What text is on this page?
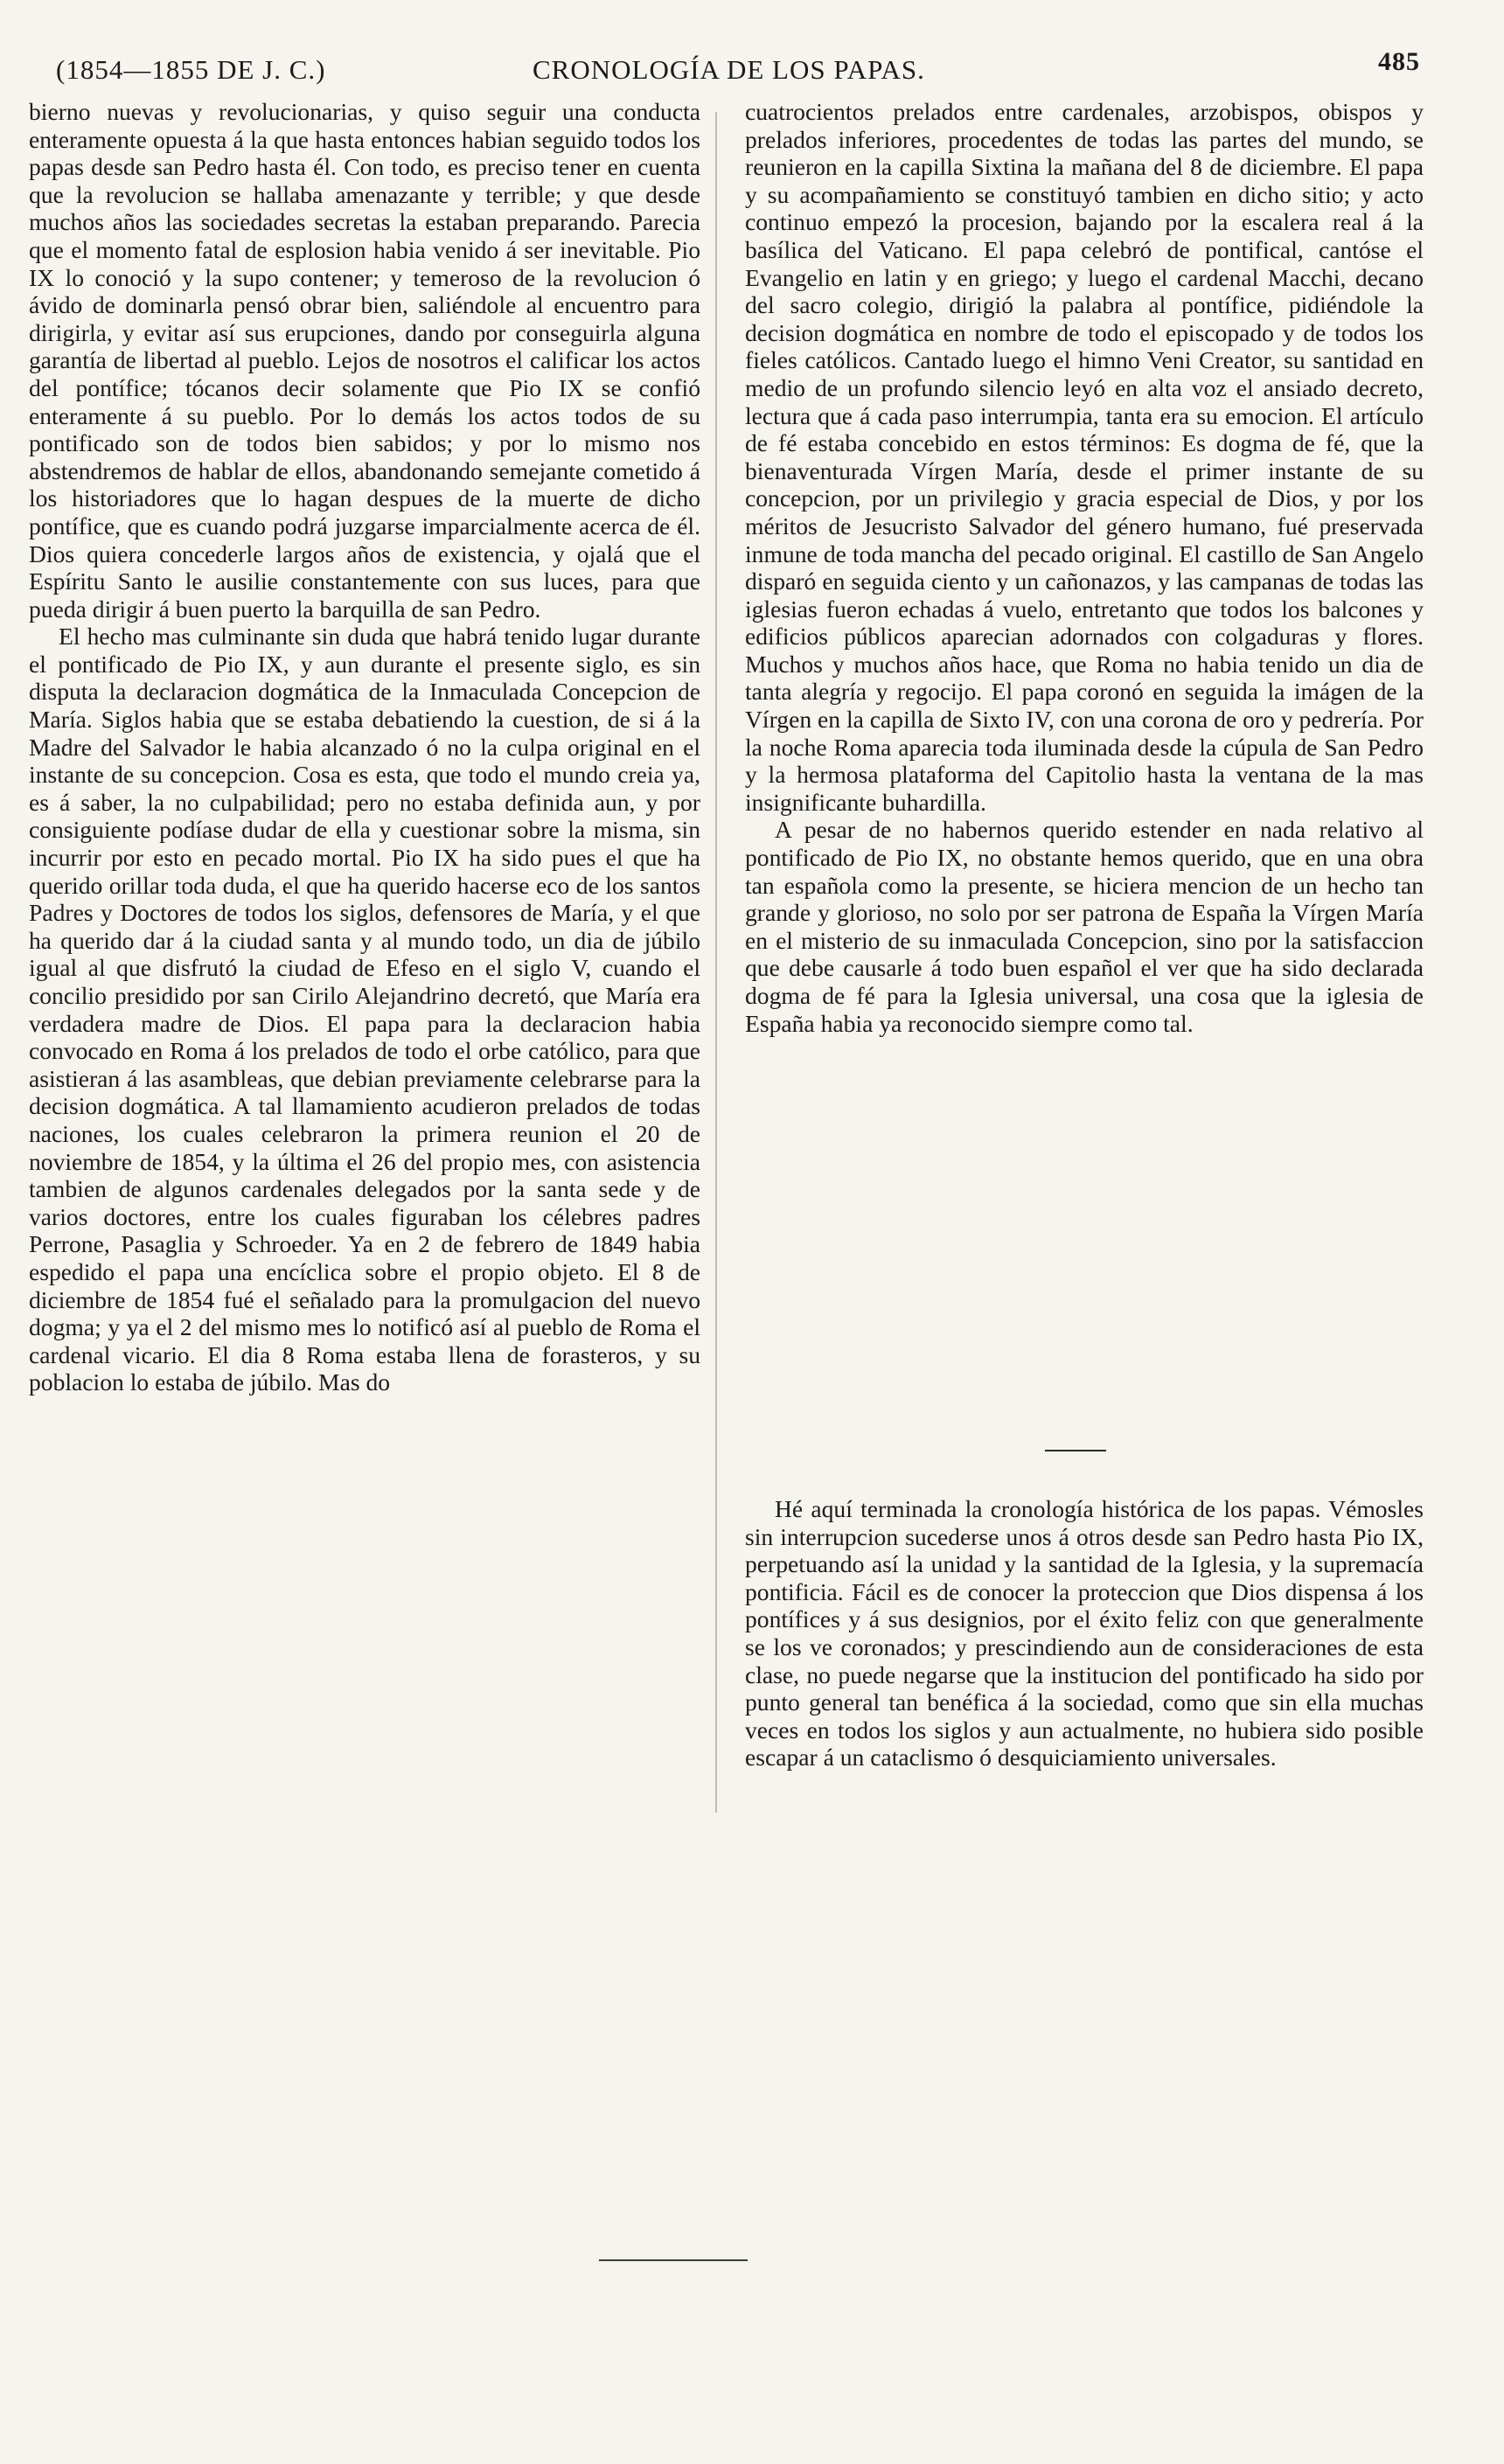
(1854—1855 DE J. C.)	CRONOLOGÍA DE LOS PAPAS.	485

bierno nuevas y revolucionarias, y quiso seguir una conducta enteramente opuesta á la que hasta entonces habian seguido todos los papas desde san Pedro hasta él. Con todo, es preciso tener en cuenta que la revolucion se hallaba amenazante y terrible; y que desde muchos años las sociedades secretas la estaban preparando. Parecia que el momento fatal de esplosion habia venido á ser inevitable. Pio IX lo conoció y la supo contener; y temeroso de la revolucion ó ávido de dominarla pensó obrar bien, saliéndole al encuentro para dirigirla, y evitar así sus erupciones, dando por conseguirla alguna garantía de libertad al pueblo. Lejos de nosotros el calificar los actos del pontífice; tócanos decir solamente que Pio IX se confió enteramente á su pueblo. Por lo demás los actos todos de su pontificado son de todos bien sabidos; y por lo mismo nos abstendremos de hablar de ellos, abandonando semejante cometido á los historiadores que lo hagan despues de la muerte de dicho pontífice, que es cuando podrá juzgarse imparcialmente acerca de él. Dios quiera concederle largos años de existencia, y ojalá que el Espíritu Santo le ausilie constantemente con sus luces, para que pueda dirigir á buen puerto la barquilla de san Pedro.

El hecho mas culminante sin duda que habrá tenido lugar durante el pontificado de Pio IX, y aun durante el presente siglo, es sin disputa la declaracion dogmática de la Inmaculada Concepcion de María. Siglos habia que se estaba debatiendo la cuestion, de si á la Madre del Salvador le habia alcanzado ó no la culpa original en el instante de su concepcion. Cosa es esta, que todo el mundo creia ya, es á saber, la no culpabilidad; pero no estaba definida aun, y por consiguiente podíase dudar de ella y cuestionar sobre la misma, sin incurrir por esto en pecado mortal. Pio IX ha sido pues el que ha querido orillar toda duda, el que ha querido hacerse eco de los santos Padres y Doctores de todos los siglos, defensores de María, y el que ha querido dar á la ciudad santa y al mundo todo, un dia de júbilo igual al que disfrutó la ciudad de Efeso en el siglo V, cuando el concilio presidido por san Cirilo Alejandrino decretó, que María era verdadera madre de Dios. El papa para la declaracion habia convocado en Roma á los prelados de todo el orbe católico, para que asistieran á las asambleas, que debian previamente celebrarse para la decision dogmática. A tal llamamiento acudieron prelados de todas naciones, los cuales celebraron la primera reunion el 20 de noviembre de 1854, y la última el 26 del propio mes, con asistencia tambien de algunos cardenales delegados por la santa sede y de varios doctores, entre los cuales figuraban los célebres padres Perrone, Pasaglia y Schroeder. Ya en 2 de febrero de 1849 habia espedido el papa una encíclica sobre el propio objeto. El 8 de diciembre de 1854 fué el señalado para la promulgacion del nuevo dogma; y ya el 2 del mismo mes lo notificó así al pueblo de Roma el cardenal vicario. El dia 8 Roma estaba llena de forasteros, y su poblacion lo estaba de júbilo. Mas do

cuatrocientos prelados entre cardenales, arzobispos, obispos y prelados inferiores, procedentes de todas las partes del mundo, se reunieron en la capilla Sixtina la mañana del 8 de diciembre. El papa y su acompañamiento se constituyó tambien en dicho sitio; y acto continuo empezó la procesion, bajando por la escalera real á la basílica del Vaticano. El papa celebró de pontifical, cantóse el Evangelio en latin y en griego; y luego el cardenal Macchi, decano del sacro colegio, dirigió la palabra al pontífice, pidiéndole la decision dogmática en nombre de todo el episcopado y de todos los fieles católicos. Cantado luego el himno Veni Creator, su santidad en medio de un profundo silencio leyó en alta voz el ansiado decreto, lectura que á cada paso interrumpia, tanta era su emocion. El artículo de fé estaba concebido en estos términos: Es dogma de fé, que la bienaventurada Vírgen María, desde el primer instante de su concepcion, por un privilegio y gracia especial de Dios, y por los méritos de Jesucristo Salvador del género humano, fué preservada inmune de toda mancha del pecado original. El castillo de San Angelo disparó en seguida ciento y un cañonazos, y las campanas de todas las iglesias fueron echadas á vuelo, entretanto que todos los balcones y edificios públicos aparecian adornados con colgaduras y flores. Muchos y muchos años hace, que Roma no habia tenido un dia de tanta alegría y regocijo. El papa coronó en seguida la imágen de la Vírgen en la capilla de Sixto IV, con una corona de oro y pedrería. Por la noche Roma aparecia toda iluminada desde la cúpula de San Pedro y la hermosa plataforma del Capitolio hasta la ventana de la mas insignificante buhardilla.

A pesar de no habernos querido estender en nada relativo al pontificado de Pio IX, no obstante hemos querido, que en una obra tan española como la presente, se hiciera mencion de un hecho tan grande y glorioso, no solo por ser patrona de España la Vírgen María en el misterio de su inmaculada Concepcion, sino por la satisfaccion que debe causarle á todo buen español el ver que ha sido declarada dogma de fé para la Iglesia universal, una cosa que la iglesia de España habia ya reconocido siempre como tal.

Hé aquí terminada la cronología histórica de los papas. Vémosles sin interrupcion sucederse unos á otros desde san Pedro hasta Pio IX, perpetuando así la unidad y la santidad de la Iglesia, y la supremacía pontificia. Fácil es de conocer la proteccion que Dios dispensa á los pontífices y á sus designios, por el éxito feliz con que generalmente se los ve coronados; y prescindiendo aun de consideraciones de esta clase, no puede negarse que la institucion del pontificado ha sido por punto general tan benéfica á la sociedad, como que sin ella muchas veces en todos los siglos y aun actualmente, no hubiera sido posible escapar á un cataclismo ó desquiciamiento universales.
